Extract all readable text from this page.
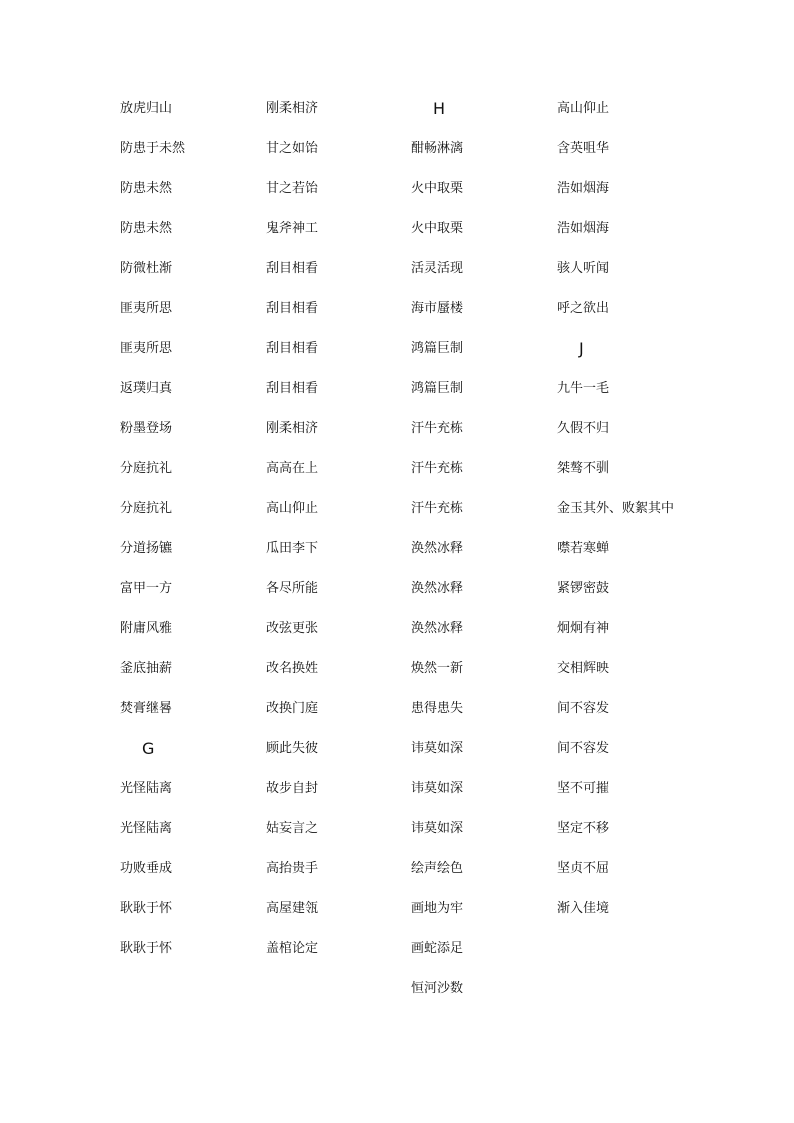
放虎归山
防患于未然
防患未然
防患未然
防微杜渐
匪夷所思
匪夷所思
返璞归真
粉墨登场
分庭抗礼
分庭抗礼
分道扬镳
富甲一方
附庸风雅
釜底抽薪
焚膏继晷
G
光怪陆离
光怪陆离
功败垂成
耿耿于怀
耿耿于怀
刚柔相济
甘之如饴
甘之若饴
鬼斧神工
刮目相看
刮目相看
刮目相看
刮目相看
刚柔相济
高高在上
高山仰止
瓜田李下
各尽所能
改弦更张
改名换姓
改换门庭
顾此失彼
故步自封
姑妄言之
高抬贵手
高屋建瓴
盖棺论定
H
酣畅淋漓
火中取栗
火中取栗
活灵活现
海市蜃楼
鸿篇巨制
鸿篇巨制
汗牛充栋
汗牛充栋
汗牛充栋
涣然冰释
涣然冰释
涣然冰释
焕然一新
患得患失
讳莫如深
讳莫如深
讳莫如深
绘声绘色
画地为牢
画蛇添足
恒河沙数
高山仰止
含英咀华
浩如烟海
浩如烟海
骇人听闻
呼之欲出
J
九牛一毛
久假不归
桀骜不驯
金玉其外、败絮其中
噤若寒蝉
紧锣密鼓
炯炯有神
交相辉映
间不容发
间不容发
坚不可摧
坚定不移
坚贞不屈
渐入佳境
